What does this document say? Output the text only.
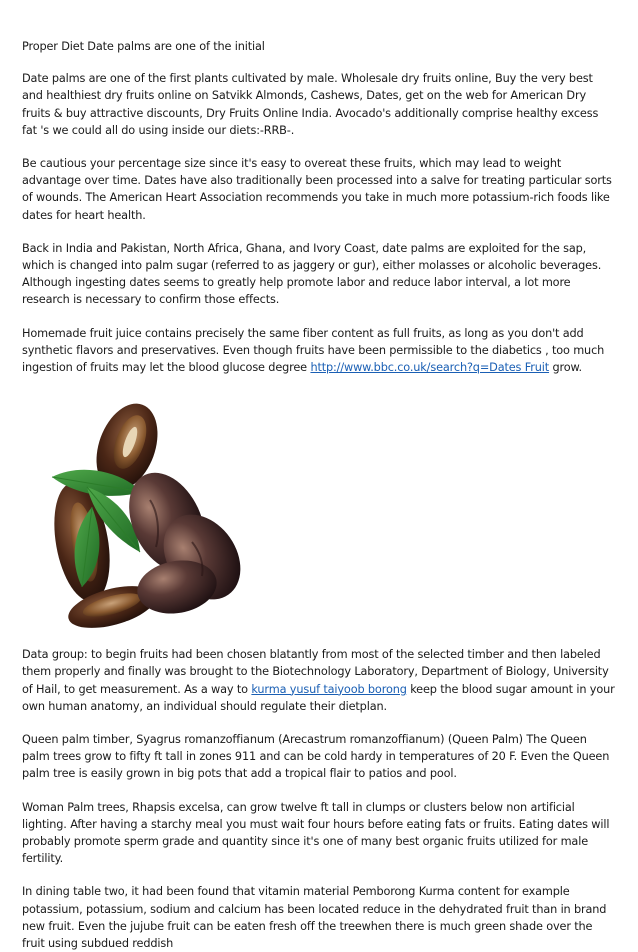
Proper Diet Date palms are one of the initial

Date palms are one of the first plants cultivated by male. Wholesale dry fruits online, Buy the very best and healthiest dry fruits online on Satvikk Almonds, Cashews, Dates, get on the web for American Dry fruits & buy attractive discounts, Dry Fruits Online India. Avocado's additionally comprise healthy excess fat 's we could all do using inside our diets:-RRB-.

Be cautious your percentage size since it's easy to overeat these fruits, which may lead to weight advantage over time. Dates have also traditionally been processed into a salve for treating particular sorts of wounds. The American Heart Association recommends you take in much more potassium-rich foods like dates for heart health.

Back in India and Pakistan, North Africa, Ghana, and Ivory Coast, date palms are exploited for the sap, which is changed into palm sugar (referred to as jaggery or gur), either molasses or alcoholic beverages. Although ingesting dates seems to greatly help promote labor and reduce labor interval, a lot more research is necessary to confirm those effects.

Homemade fruit juice contains precisely the same fiber content as full fruits, as long as you don't add synthetic flavors and preservatives. Even though fruits have been permissible to the diabetics , too much ingestion of fruits may let the blood glucose degree http://www.bbc.co.uk/search?q=Dates Fruit grow.

Data group: to begin fruits had been chosen blatantly from most of the selected timber and then labeled them properly and finally was brought to the Biotechnology Laboratory, Department of Biology, University of Hail, to get measurement. As a way to kurma yusuf taiyoob borong keep the blood sugar amount in your own human anatomy, an individual should regulate their dietplan.

Queen palm timber, Syagrus romanzoffianum (Arecastrum romanzoffianum) (Queen Palm) The Queen palm trees grow to fifty ft tall in zones 911 and can be cold hardy in temperatures of 20 F. Even the Queen palm tree is easily grown in big pots that add a tropical flair to patios and pool.

Woman Palm trees, Rhapsis excelsa, can grow twelve ft tall in clumps or clusters below non artificial lighting. After having a starchy meal you must wait four hours before eating fats or fruits. Eating dates will probably promote sperm grade and quantity since it's one of many best organic fruits utilized for male fertility.

In dining table two, it had been found that vitamin material Pemborong Kurma content for example potassium, potassium, sodium and calcium has been located reduce in the dehydrated fruit than in brand new fruit. Even the jujube fruit can be eaten fresh off the treewhen there is much green shade over the fruit using subdued reddish
